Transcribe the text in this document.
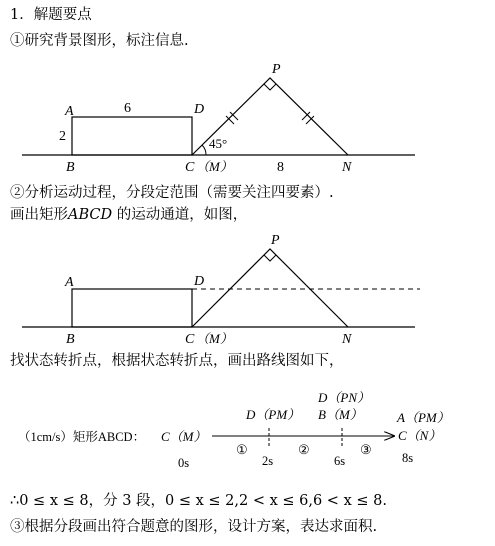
1．解题要点
①研究背景图形，标注信息.
A	6	D
2
P
45°
B	C （M）	8	N
②分析运动过程，分段定范围（需要关注四要素）.
画出矩形ABCD 的运动通道，如图，
A	D
P
B	C （M）	N
找状态转折点，根据状态转折点，画出路线图如下，
（1cm/s）矩形ABCD： C（M）
D（PM）
D（PN）
B（M）	A（PM）
C（N）
①	②	③
0s	2s	6s	8s
∴0 ≤ x ≤ 8，分 3 段，0 ≤ x ≤ 2,2 < x ≤ 6,6 < x ≤ 8.
③根据分段画出符合题意的图形，设计方案，表达求面积.
